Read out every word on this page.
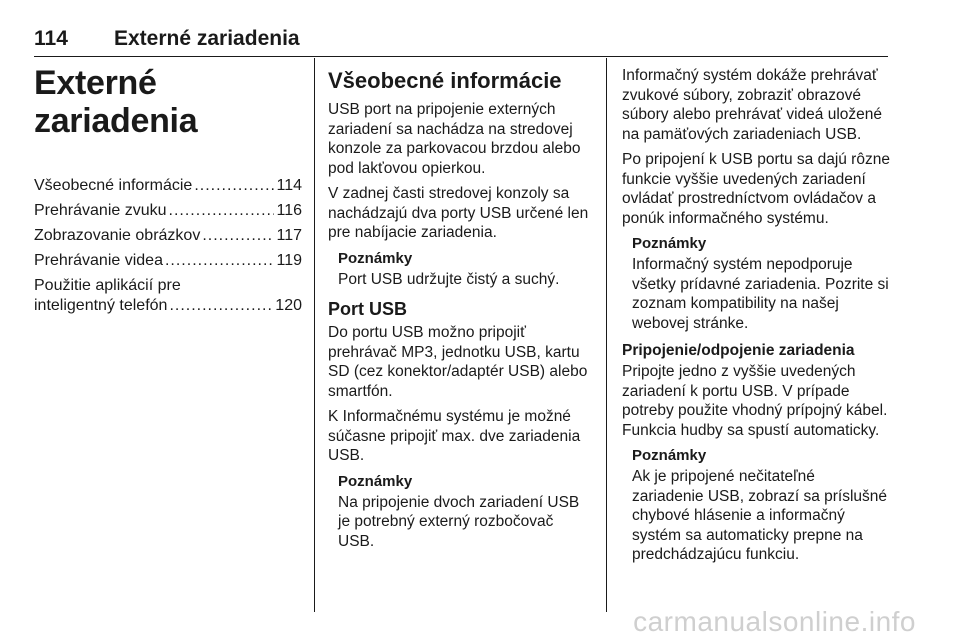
114 Externé zariadenia
Externé zariadenia
Všeobecné informácie .....	114
Prehrávanie zvuku .....	116
Zobrazovanie obrázkov .....	117
Prehrávanie videa .....	119
Použitie aplikácií pre
inteligentný telefón .....	120
Všeobecné informácie

USB port na pripojenie externých zariadení sa nachádza na stredovej konzole za parkovacou brzdou alebo pod lakťovou opierkou.

V zadnej časti stredovej konzoly sa nachádzajú dva porty USB určené len pre nabíjacie zariadenia.

Poznámky

Port USB udržujte čistý a suchý.

Port USB

Do portu USB možno pripojiť prehrávač MP3, jednotku USB, kartu SD (cez konektor/adaptér USB) alebo smartfón.

K Informačnému systému je možné súčasne pripojiť max. dve zariadenia USB.

Poznámky

Na pripojenie dvoch zariadení USB je potrebný externý rozbočovač USB.

Informačný systém dokáže prehrávať zvukové súbory, zobraziť obrazové súbory alebo prehrávať videá uložené na pamäťových zariadeniach USB.

Po pripojení k USB portu sa dajú rôzne funkcie vyššie uvedených zariadení ovládať prostredníctvom ovládačov a ponúk informačného systému.

Poznámky

Informačný systém nepodporuje všetky prídavné zariadenia. Pozrite si zoznam kompatibility na našej webovej stránke.

Pripojenie/odpojenie zariadenia

Pripojte jedno z vyššie uvedených zariadení k portu USB. V prípade potreby použite vhodný prípojný kábel. Funkcia hudby sa spustí automaticky.

Poznámky

Ak je pripojené nečitateľné zariadenie USB, zobrazí sa príslušné chybové hlásenie a informačný systém sa automaticky prepne na predchádzajúcu funkciu.

carmanualsonline.info
